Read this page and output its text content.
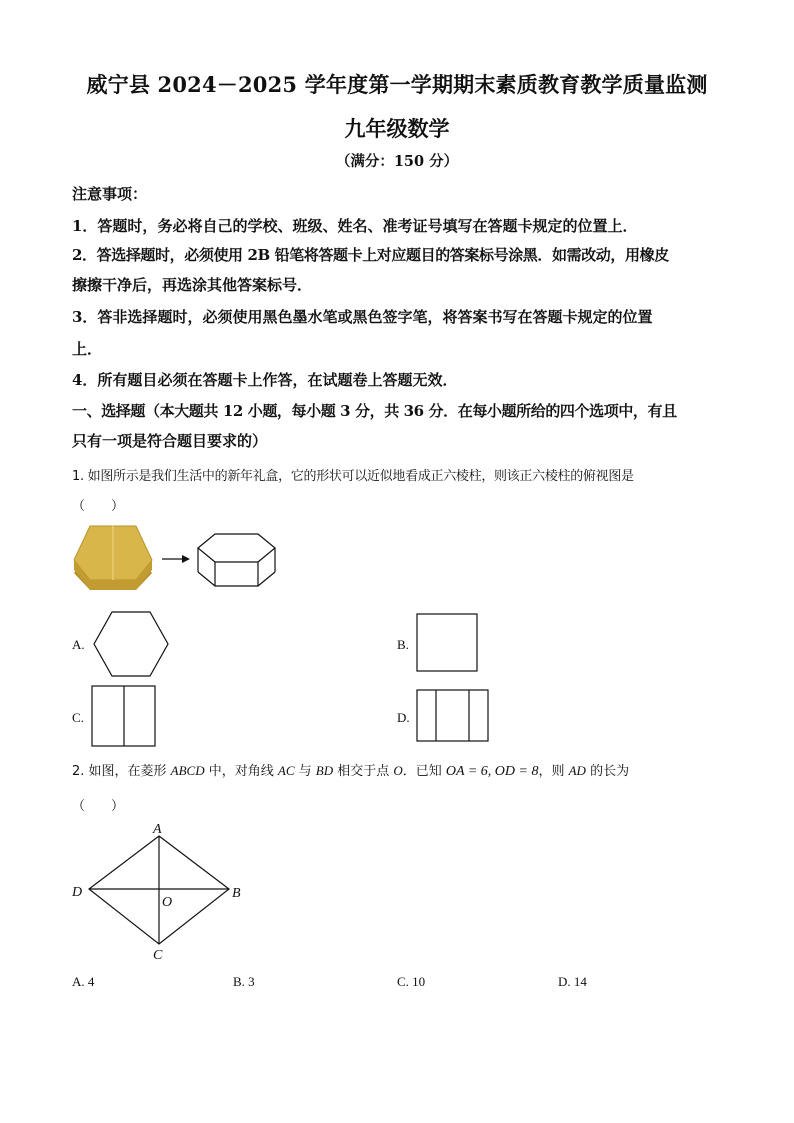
威宁县 2024－2025 学年度第一学期期末素质教育教学质量监测
九年级数学
（满分：150 分）
注意事项：
1．答题时，务必将自己的学校、班级、姓名、准考证号填写在答题卡规定的位置上．
2．答选择题时，必须使用 2B 铅笔将答题卡上对应题目的答案标号涂黑．如需改动，用橡皮
擦擦干净后，再选涂其他答案标号．
3．答非选择题时，必须使用黑色墨水笔或黑色签字笔，将答案书写在答题卡规定的位置
上．
4．所有题目必须在答题卡上作答，在试题卷上答题无效．
一、选择题（本大题共 12 小题，每小题 3 分，共 36 分．在每小题所给的四个选项中，有且
只有一项是符合题目要求的）
1. 如图所示是我们生活中的新年礼盒，它的形状可以近似地看成正六棱柱，则该正六棱柱的俯视图是
（　　）
A.	B.
C.	D.
2. 如图，在菱形 ABCD 中，对角线 AC 与 BD 相交于点 O．已知 OA = 6, OD = 8，则 AD 的长为
（　　）
A
B
C
D
O
A. 4	B. 3	C. 10	D. 14
